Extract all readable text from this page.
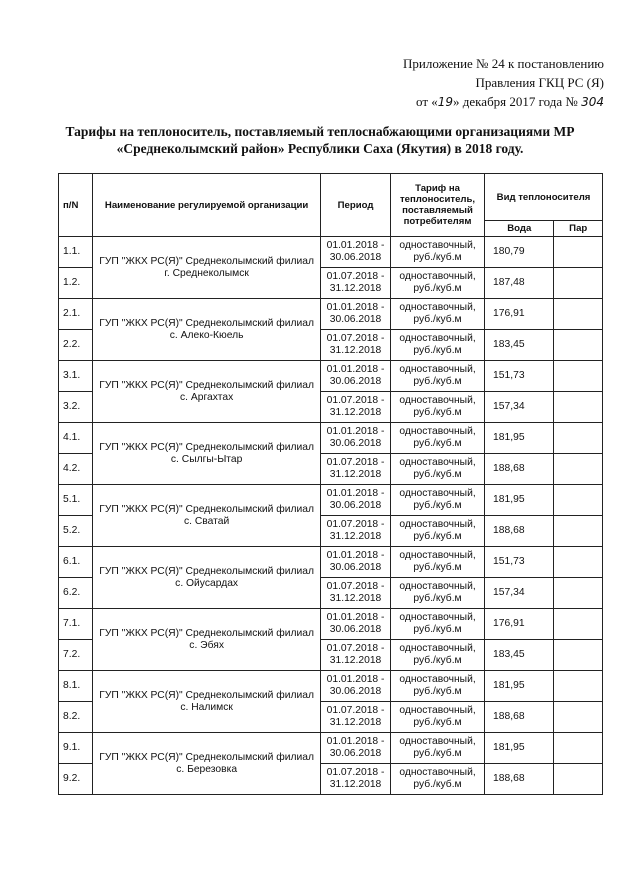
Приложение № 24 к постановлению
Правления ГКЦ РС (Я)
от «19» декабря 2017 года № 304
Тарифы на теплоноситель, поставляемый теплоснабжающими организациями МР
«Среднеколымский район» Республики Саха (Якутия) в 2018 году.
п/N	Наименование регулируемой организации	Период	Тариф на теплоноситель, поставляемый потребителям	Вид теплоносителя	
				Вода	Пар
1.1.	ГУП "ЖКХ РС(Я)" Среднеколымский филиал г. Среднеколымск	01.01.2018 - 30.06.2018	одноставочный, руб./куб.м	180,79	
1.2.		01.07.2018 - 31.12.2018	одноставочный, руб./куб.м	187,48	
2.1.	ГУП "ЖКХ РС(Я)" Среднеколымский филиал с. Алеко-Кюель	01.01.2018 - 30.06.2018	одноставочный, руб./куб.м	176,91	
2.2.		01.07.2018 - 31.12.2018	одноставочный, руб./куб.м	183,45	
3.1.	ГУП "ЖКХ РС(Я)" Среднеколымский филиал с. Аргахтах	01.01.2018 - 30.06.2018	одноставочный, руб./куб.м	151,73	
3.2.		01.07.2018 - 31.12.2018	одноставочный, руб./куб.м	157,34	
4.1.	ГУП "ЖКХ РС(Я)" Среднеколымский филиал с. Сылгы-Ытар	01.01.2018 - 30.06.2018	одноставочный, руб./куб.м	181,95	
4.2.		01.07.2018 - 31.12.2018	одноставочный, руб./куб.м	188,68	
5.1.	ГУП "ЖКХ РС(Я)" Среднеколымский филиал с. Сватай	01.01.2018 - 30.06.2018	одноставочный, руб./куб.м	181,95	
5.2.		01.07.2018 - 31.12.2018	одноставочный, руб./куб.м	188,68	
6.1.	ГУП "ЖКХ РС(Я)" Среднеколымский филиал с. Ойусардах	01.01.2018 - 30.06.2018	одноставочный, руб./куб.м	151,73	
6.2.		01.07.2018 - 31.12.2018	одноставочный, руб./куб.м	157,34	
7.1.	ГУП "ЖКХ РС(Я)" Среднеколымский филиал с. Эбях	01.01.2018 - 30.06.2018	одноставочный, руб./куб.м	176,91	
7.2.		01.07.2018 - 31.12.2018	одноставочный, руб./куб.м	183,45	
8.1.	ГУП "ЖКХ РС(Я)" Среднеколымский филиал с. Налимск	01.01.2018 - 30.06.2018	одноставочный, руб./куб.м	181,95	
8.2.		01.07.2018 - 31.12.2018	одноставочный, руб./куб.м	188,68	
9.1.	ГУП "ЖКХ РС(Я)" Среднеколымский филиал с. Березовка	01.01.2018 - 30.06.2018	одноставочный, руб./куб.м	181,95	
9.2.		01.07.2018 - 31.12.2018	одноставочный, руб./куб.м	188,68	
